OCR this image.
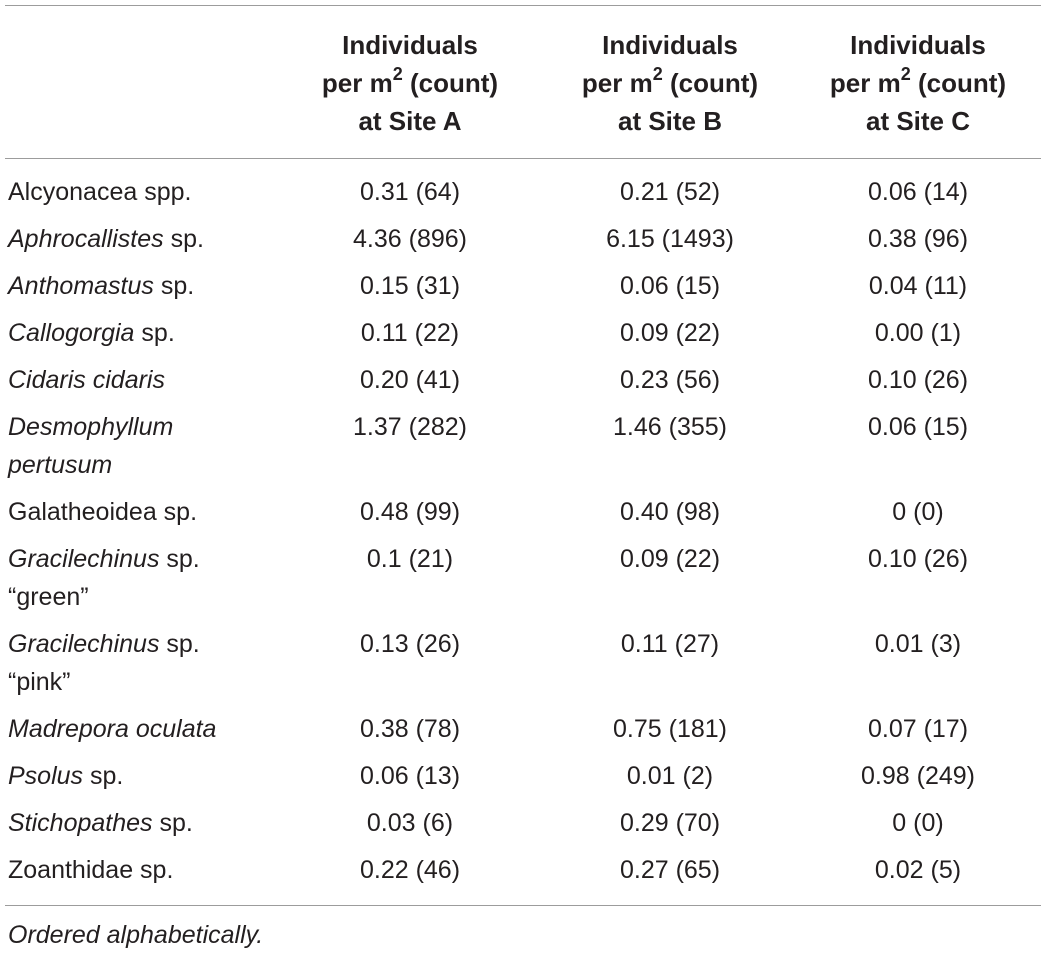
	Individuals
per $m^2$ (count)
at Site A	Individuals
per $m^2$ (count)
at Site B	Individuals
per $m^2$ (count)
at Site C

Alcyonacea spp.	0.31 (64)	0.21 (52)	0.06 (14)
Aphrocallistes sp.	4.36 (896)	6.15 (1493)	0.38 (96)
Anthomastus sp.	0.15 (31)	0.06 (15)	0.04 (11)
Callogorgia sp.	0.11 (22)	0.09 (22)	0.00 (1)
Cidaris cidaris	0.20 (41)	0.23 (56)	0.10 (26)
Desmophyllum pertusum	1.37 (282)	1.46 (355)	0.06 (15)
Galatheoidea sp.	0.48 (99)	0.40 (98)	0 (0)
Gracilechinus sp.
“green”	0.1 (21)	0.09 (22)	0.10 (26)
Gracilechinus sp.
“pink”	0.13 (26)	0.11 (27)	0.01 (3)
Madrepora oculata	0.38 (78)	0.75 (181)	0.07 (17)
Psolus sp.	0.06 (13)	0.01 (2)	0.98 (249)
Stichopathes sp.	0.03 (6)	0.29 (70)	0 (0)
Zoanthidae sp.	0.22 (46)	0.27 (65)	0.02 (5)
Ordered alphabetically.
